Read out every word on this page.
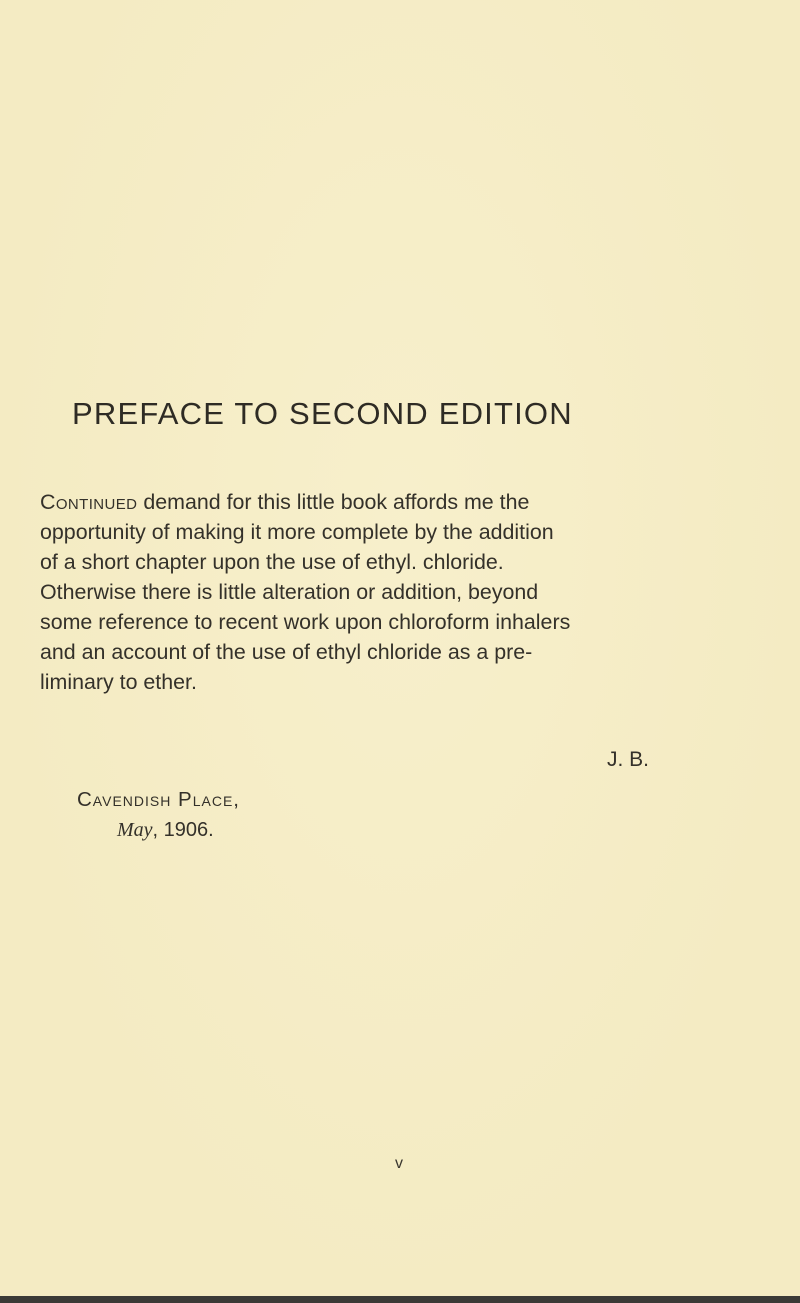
PREFACE TO SECOND EDITION
Continued demand for this little book affords me the
opportunity of making it more complete by the addition
of a short chapter upon the use of ethyl. chloride.
Otherwise there is little alteration or addition, beyond
some reference to recent work upon chloroform inhalers
and an account of the use of ethyl chloride as a pre-
liminary to ether.
J. B.
Cavendish Place,
May, 1906.
v
